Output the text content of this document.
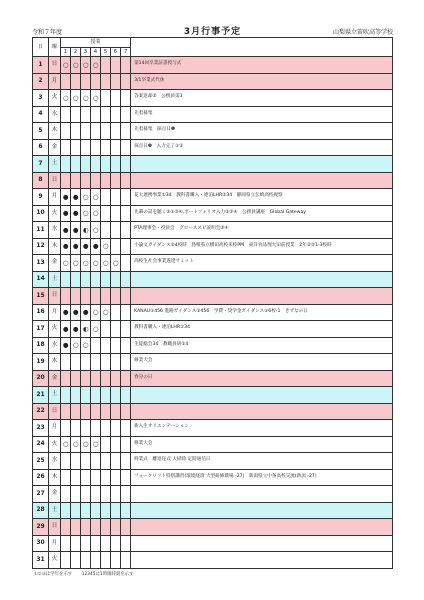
令和７年度	3月行事予定	山梨県立笛吹高等学校
日	曜	授業							
		1	2	3	4	5	6	7	
1	日	○	○	○	○				第14回卒業証書授与式
2	月								3/1卒業式代休
3	火	○	○	○	○				答案返却②　公務員第3
4	水								先着募集
5	木								先着募集　採点日❶
6	金								採点日❷　入力完了①②
7	土								
8	日								
9	月	●	●	○	○				花大連携事業①34　教科書購入・連泊LHR②34　静岡県立伝崎高校視察
10	火	●	●	○	○				先輩の話を聴く②①③④,ポートフォリオ入力②③④　公務員講座　Global Gateway
11	水	●	●	◐	○				PTA理事会・役員会　グローススピ説明会③④
12	木	●	●	●	●	○			小論文ガイダンス②4校時　島根県立横田高校来校PM　東洋食品埋大田前授業　2年②③1-3校時
13	金	○	○	○	○	○	○		高校生社会事業遂達サミット
14	土								
15	日								
16	月	●	●	●	○	○			KANAU①456 進路ガイダンス②456　学費・奨学金ガイダンス①6校-1　きずなの日
17	火	●	●	◐	○				教科書購入・連泊LHR①34
18	水	●	○	○					生徒総会34　教職員研②4
19	木								修業大会
20	金								春分の日
21	土								
22	日								
23	月								新入生オリエンテーション
24	火	○	○	○	○				修業大会
25	水								終業式　離退任式 大掃除 定時通信日
26	木								フォークリフト特別講習(環境経済 大型研修農場 -27)　新潟県立中条高校交流(新潟 -27)
27	金								
28	土								
29	日								
30	月								
31	火								
①②③は学年を示す 12345は1時限時刻を示す
